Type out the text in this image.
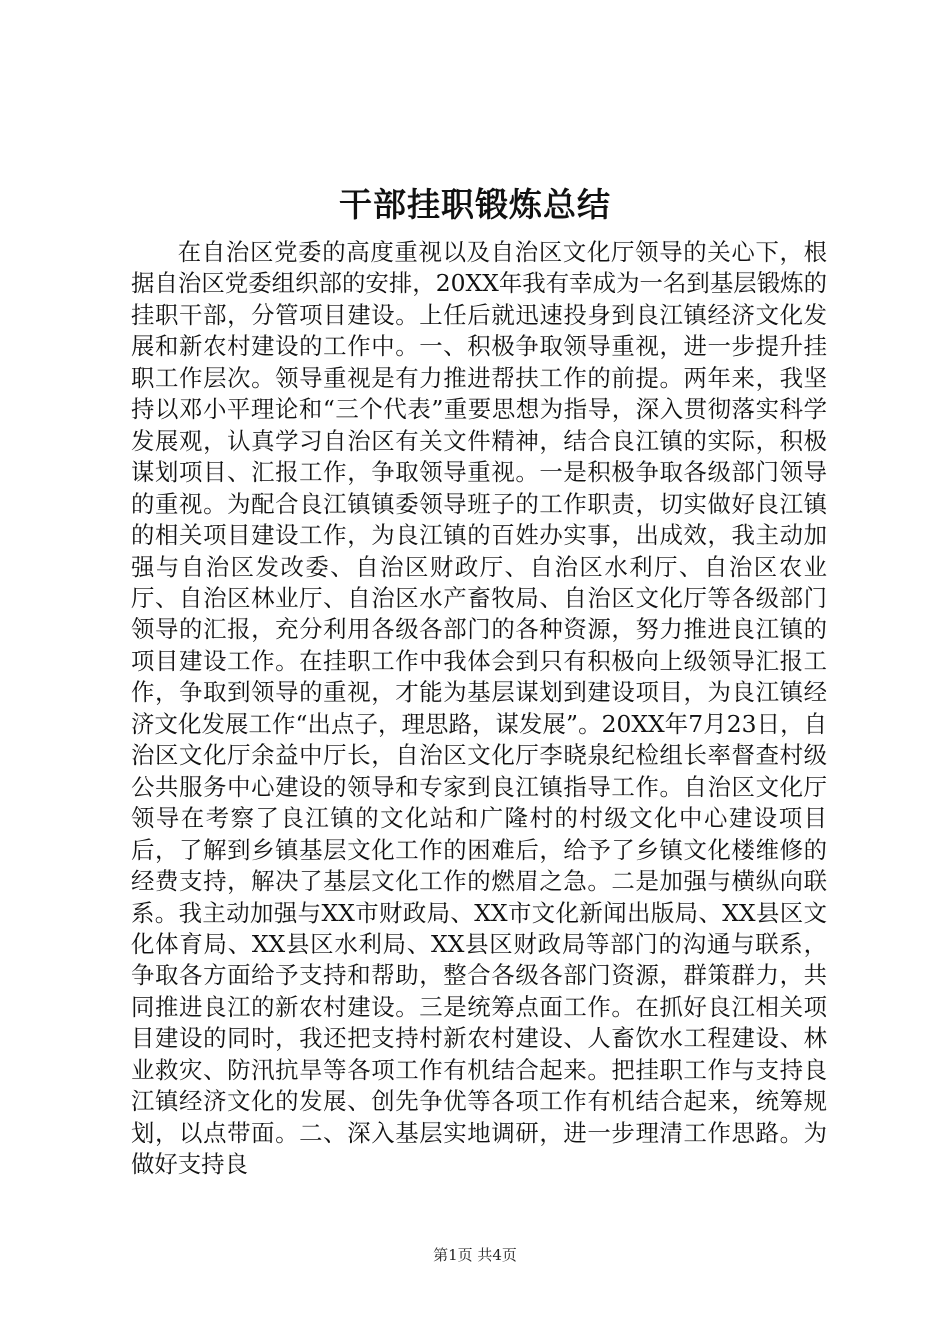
干部挂职锻炼总结

在自治区党委的高度重视以及自治区文化厅领导的关心下，根据自治区党委组织部的安排，20XX年我有幸成为一名到基层锻炼的挂职干部，分管项目建设。上任后就迅速投身到良江镇经济文化发展和新农村建设的工作中。一、积极争取领导重视，进一步提升挂职工作层次。领导重视是有力推进帮扶工作的前提。两年来，我坚持以邓小平理论和“三个代表”重要思想为指导，深入贯彻落实科学发展观，认真学习自治区有关文件精神，结合良江镇的实际，积极谋划项目、汇报工作，争取领导重视。一是积极争取各级部门领导的重视。为配合良江镇镇委领导班子的工作职责，切实做好良江镇的相关项目建设工作，为良江镇的百姓办实事，出成效，我主动加强与自治区发改委、自治区财政厅、自治区水利厅、自治区农业厅、自治区林业厅、自治区水产畜牧局、自治区文化厅等各级部门领导的汇报，充分利用各级各部门的各种资源，努力推进良江镇的项目建设工作。在挂职工作中我体会到只有积极向上级领导汇报工作，争取到领导的重视，才能为基层谋划到建设项目，为良江镇经济文化发展工作“出点子，理思路，谋发展”。20XX年7月23日，自治区文化厅余益中厅长，自治区文化厅李晓泉纪检组长率督查村级公共服务中心建设的领导和专家到良江镇指导工作。自治区文化厅领导在考察了良江镇的文化站和广隆村的村级文化中心建设项目后，了解到乡镇基层文化工作的困难后，给予了乡镇文化楼维修的经费支持，解决了基层文化工作的燃眉之急。二是加强与横纵向联系。我主动加强与XX市财政局、XX市文化新闻出版局、XX县区文化体育局、XX县区水利局、XX县区财政局等部门的沟通与联系，争取各方面给予支持和帮助，整合各级各部门资源，群策群力，共同推进良江的新农村建设。三是统筹点面工作。在抓好良江相关项目建设的同时，我还把支持村新农村建设、人畜饮水工程建设、林业救灾、防汛抗旱等各项工作有机结合起来。把挂职工作与支持良江镇经济文化的发展、创先争优等各项工作有机结合起来，统筹规划，以点带面。二、深入基层实地调研，进一步理清工作思路。为做好支持良

第1页 共4页
